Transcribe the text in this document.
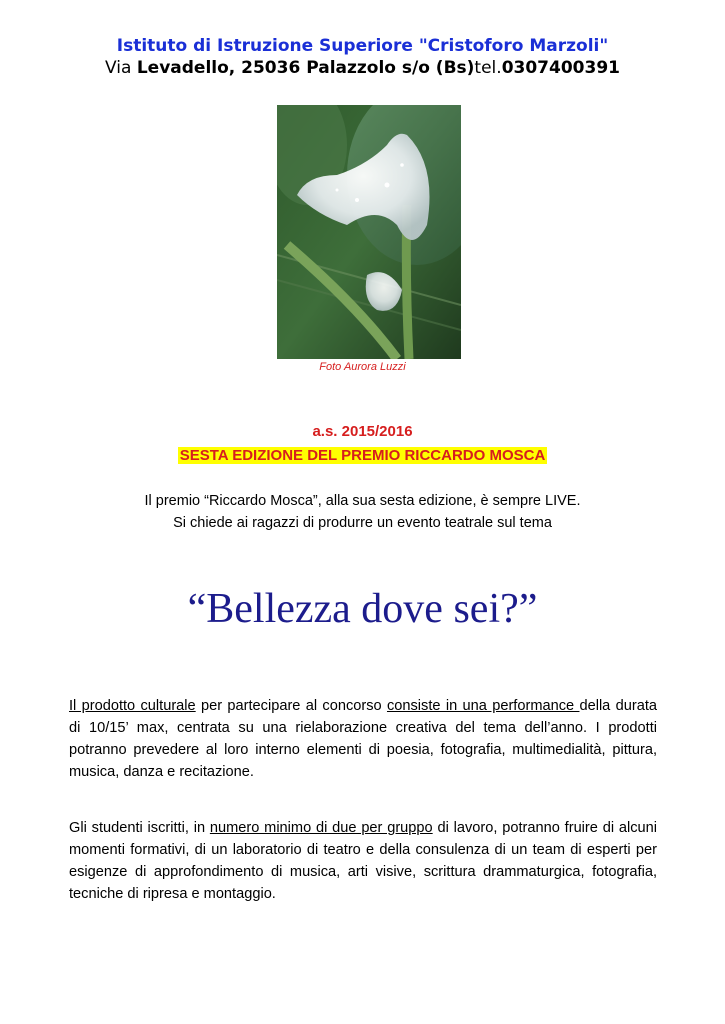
Istituto di Istruzione Superiore "Cristoforo Marzoli"
Via Levadello, 25036 Palazzolo s/o (Bs)tel.0307400391
Foto Aurora Luzzi
a.s. 2015/2016
SESTA EDIZIONE DEL PREMIO RICCARDO MOSCA
Il premio “Riccardo Mosca”, alla sua sesta edizione, è sempre LIVE.
Si chiede ai ragazzi di produrre un evento teatrale sul tema
“Bellezza dove sei?”
Il prodotto culturale per partecipare al concorso consiste in una performance della durata di 10/15’ max, centrata su una rielaborazione creativa del tema dell’anno. I prodotti potranno prevedere al loro interno elementi di poesia, fotografia, multimedialità, pittura, musica, danza e recitazione.
Gli studenti iscritti, in numero minimo di due per gruppo di lavoro, potranno fruire di alcuni momenti formativi, di un laboratorio di teatro e della consulenza di un team di esperti per esigenze di approfondimento di musica, arti visive, scrittura drammaturgica, fotografia, tecniche di ripresa e montaggio.
